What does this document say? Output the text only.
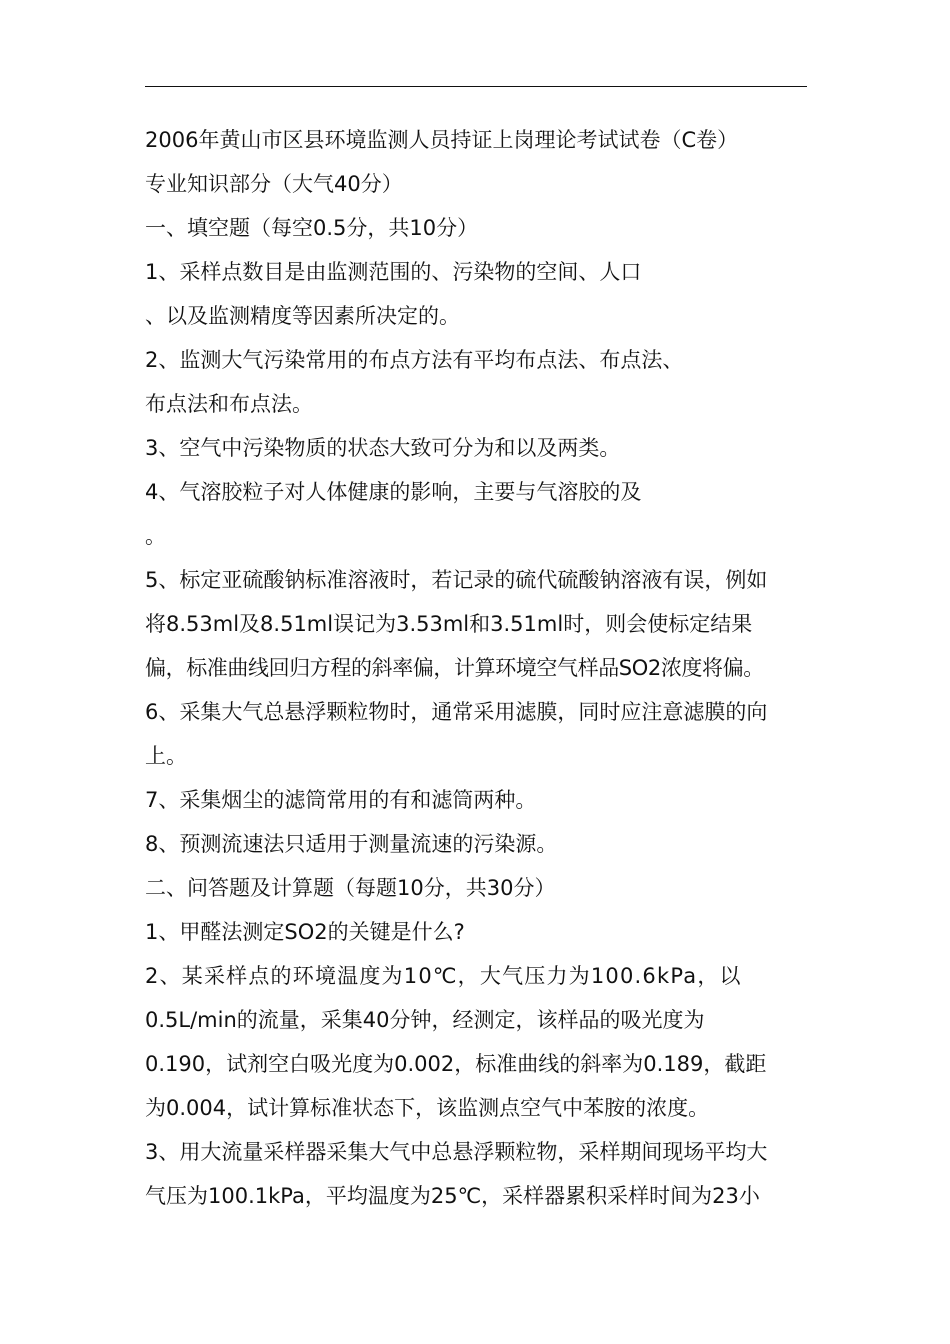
2006年黄山市区县环境监测人员持证上岗理论考试试卷（C卷）
专业知识部分（大气40分）
一、填空题（每空0.5分，共10分）
1、采样点数目是由监测范围的、污染物的空间、人口
、以及监测精度等因素所决定的。
2、监测大气污染常用的布点方法有平均布点法、布点法、
布点法和布点法。
3、空气中污染物质的状态大致可分为和以及两类。
4、气溶胶粒子对人体健康的影响，主要与气溶胶的及
。
5、标定亚硫酸钠标准溶液时，若记录的硫代硫酸钠溶液有误，例如
将8.53ml及8.51ml误记为3.53ml和3.51ml时，则会使标定结果
偏，标准曲线回归方程的斜率偏，计算环境空气样品SO2浓度将偏。
6、采集大气总悬浮颗粒物时，通常采用滤膜，同时应注意滤膜的向
上。
7、采集烟尘的滤筒常用的有和滤筒两种。
8、预测流速法只适用于测量流速的污染源。
二、问答题及计算题（每题10分，共30分）
1、甲醛法测定SO2的关键是什么?
2、某采样点的环境温度为10℃，大气压力为100.6kPa，以
0.5L/min的流量，采集40分钟，经测定，该样品的吸光度为
0.190，试剂空白吸光度为0.002，标准曲线的斜率为0.189，截距
为0.004，试计算标准状态下，该监测点空气中苯胺的浓度。
3、用大流量采样器采集大气中总悬浮颗粒物，采样期间现场平均大
气压为100.1kPa，平均温度为25℃，采样器累积采样时间为23小
